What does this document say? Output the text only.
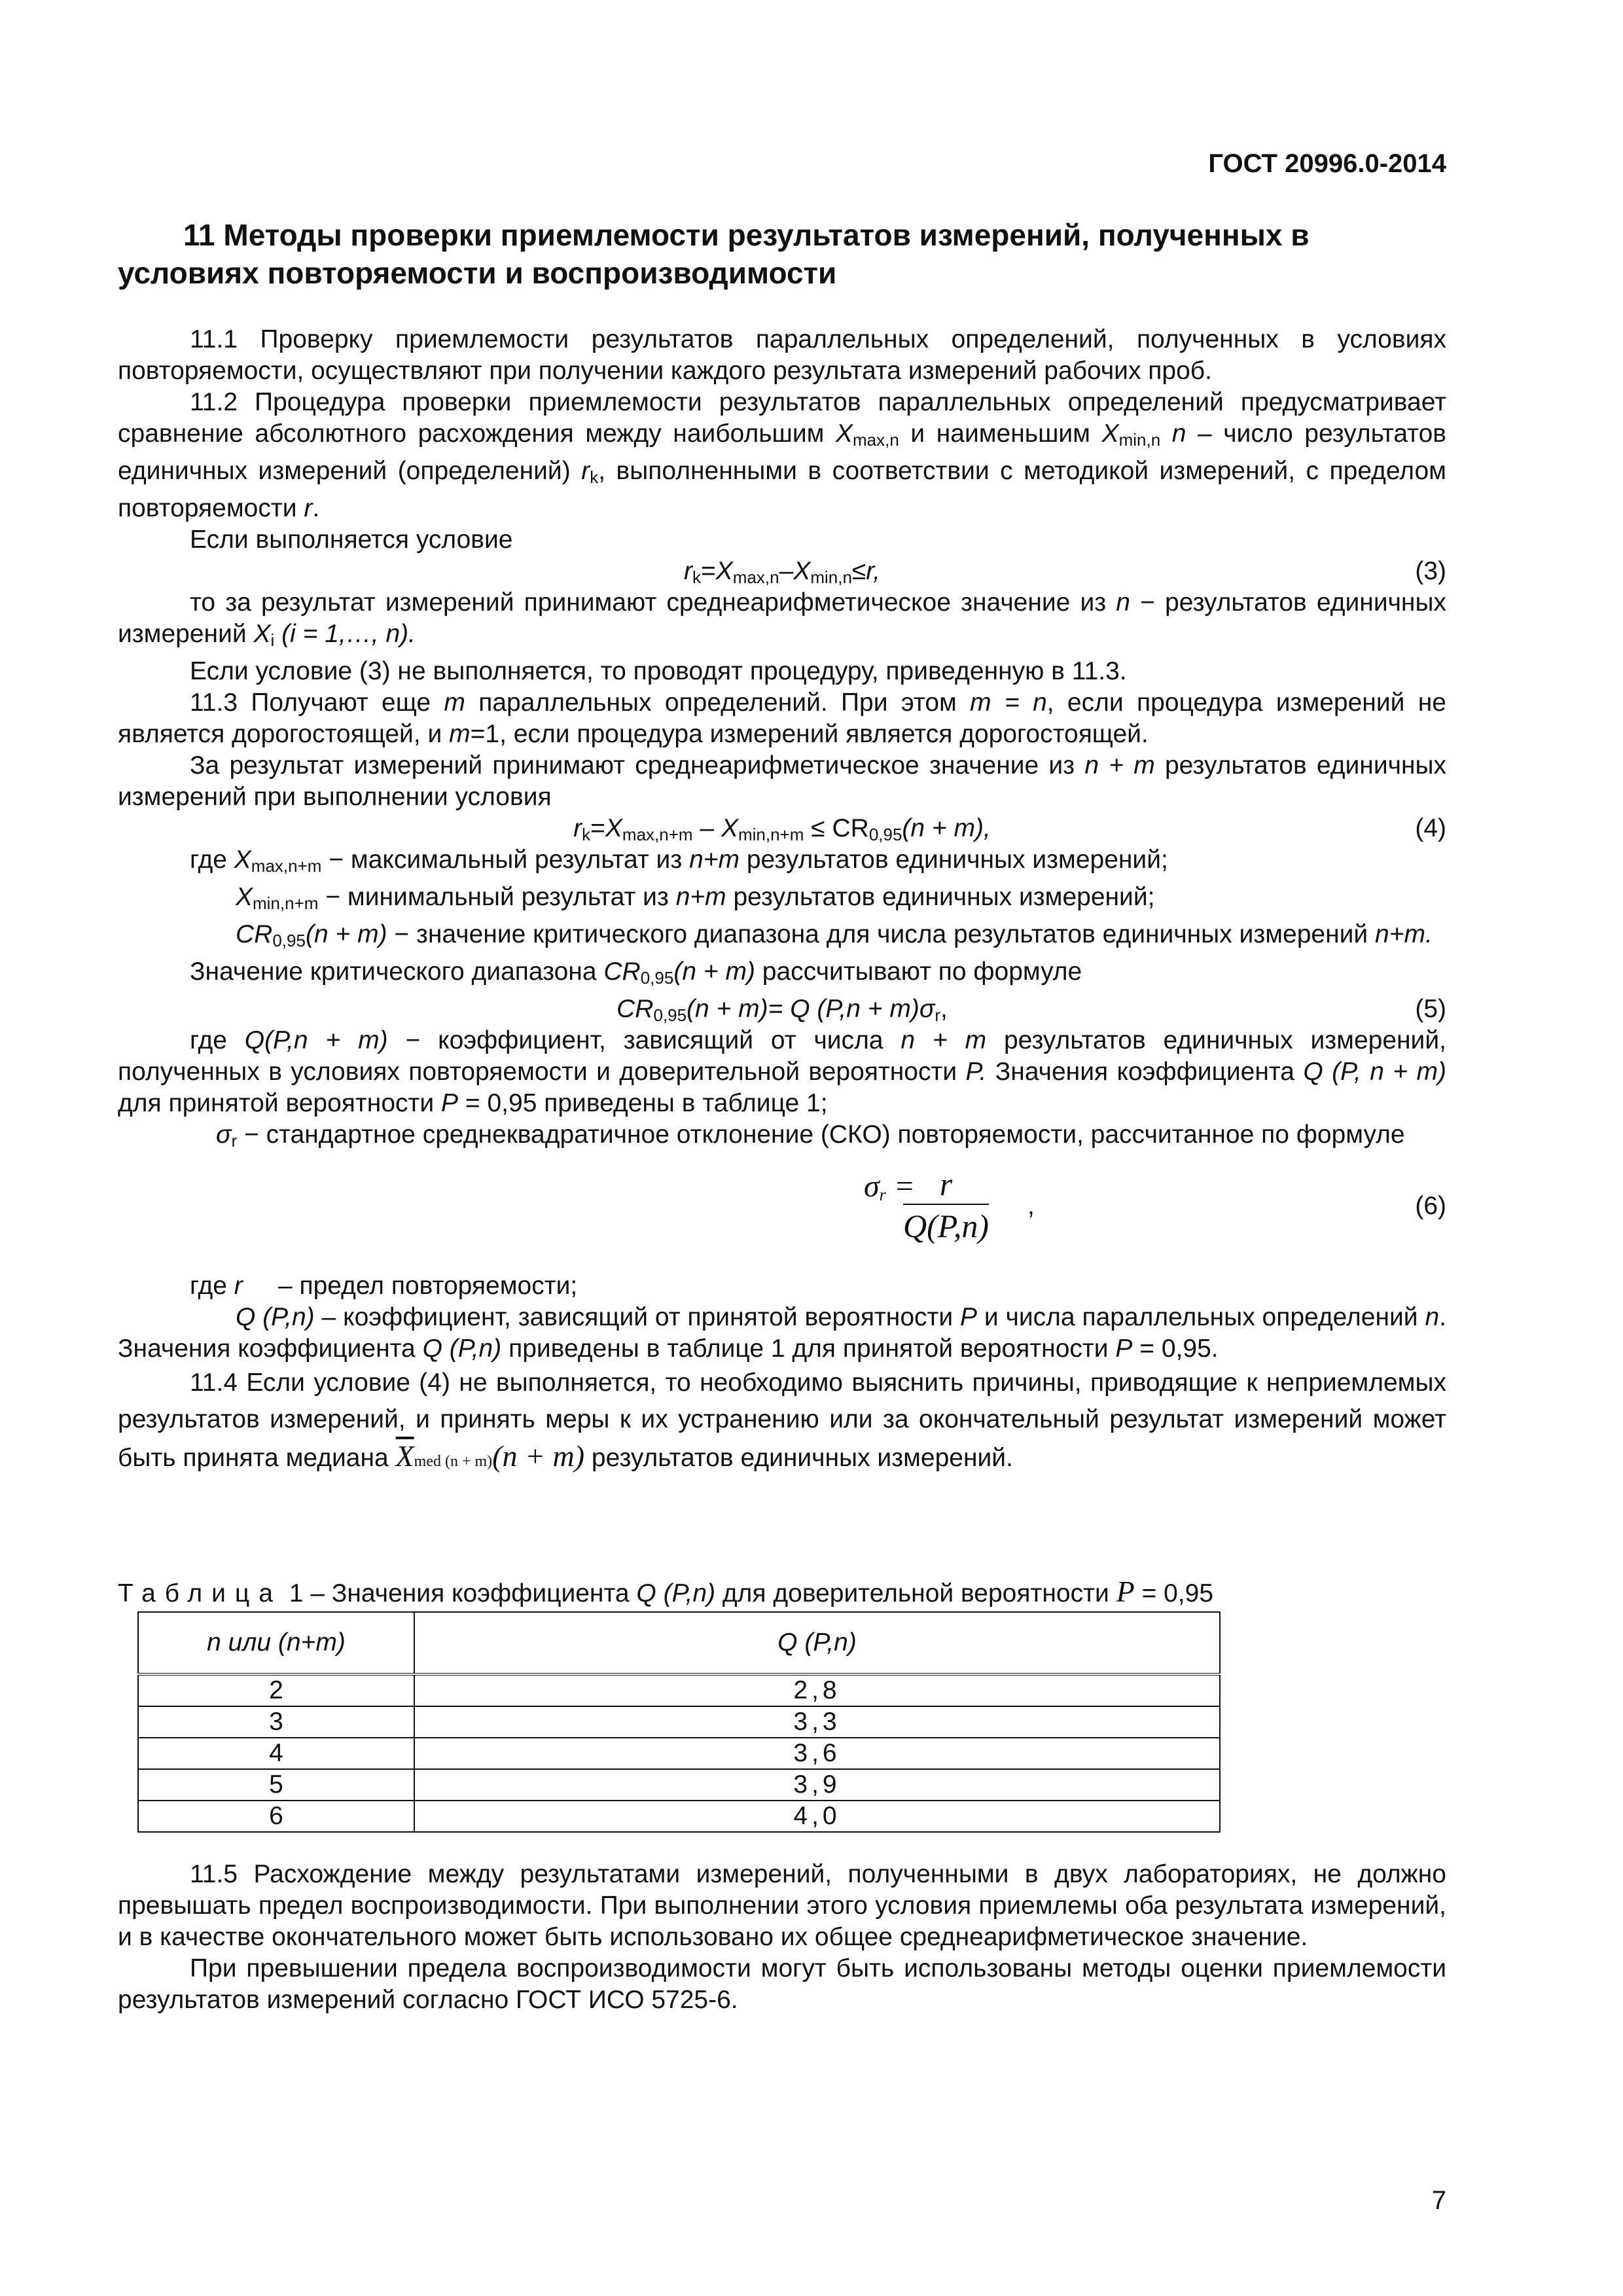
ГОСТ 20996.0-2014
11 Методы проверки приемлемости результатов измерений, полученных в условиях повторяемости и воспроизводимости

11.1 Проверку приемлемости результатов параллельных определений, полученных в условиях повторяемости, осуществляют при получении каждого результата измерений рабочих проб.

11.2 Процедура проверки приемлемости результатов параллельных определений предусматривает сравнение абсолютного расхождения между наибольшим $X_{max,n}$ и наименьшим $X_{min,n}$ n – число результатов единичных измерений (определений) $r_k$, выполненными в соответствии с методикой измерений, с пределом повторяемости r.

Если выполняется условие

$r_k=X_{max,n}-X_{min,n}\le r$,	(3)

то за результат измерений принимают среднеарифметическое значение из n − результатов единичных измерений $X_i$ (i = 1,…, n).

Если условие (3) не выполняется, то проводят процедуру, приведенную в 11.3.

11.3 Получают еще m параллельных определений. При этом m = n, если процедура измерений не является дорогостоящей, и m=1, если процедура измерений является дорогостоящей.

За результат измерений принимают среднеарифметическое значение из n + m результатов единичных измерений при выполнении условия

$r_k=X_{max,n+m} - X_{min,n+m} \le CR_{0,95}(n + m)$,	(4)

где $X_{max,n+m}$ − максимальный результат из n+m результатов единичных измерений;

$X_{min,n+m}$ − минимальный результат из n+m результатов единичных измерений;

$CR_{0,95}(n + m)$ − значение критического диапазона для числа результатов единичных измерений n+m.

Значение критического диапазона $CR_{0,95}(n + m)$ рассчитывают по формуле

$CR_{0,95}(n + m)= Q$ $(P,n + m)\sigma_r$,	(5)

где Q(P,n + m) − коэффициент, зависящий от числа n + m результатов единичных измерений, полученных в условиях повторяемости и доверительной вероятности P. Значения коэффициента Q (P, n + m) для принятой вероятности P = 0,95 приведены в таблице 1;

$\sigma_r$ − стандартное среднеквадратичное отклонение (СКО) повторяемости, рассчитанное по формуле

$\sigma_r$ =
$\frac{r}{Q(P,n)}$ ,	(6)

где r – предел повторяемости;

Q (P,n) – коэффициент, зависящий от принятой вероятности P и числа параллельных определений n. Значения коэффициента Q (P,n) приведены в таблице 1 для принятой вероятности P = 0,95.

11.4 Если условие (4) не выполняется, то необходимо выяснить причины, приводящие к неприемлемых результатов измерений, и принять меры к их устранению или за окончательный результат измерений может быть принята медиана $\overline{X}med$ (n + m)(n + m) результатов единичных измерений.

Таблица 1 – Значения коэффициента Q (P,n) для доверительной вероятности P = 0,95
n или (n+m)	Q (P,n)
2	2,8
3	3,3
4	3,6
5	3,9
6	4,0

11.5 Расхождение между результатами измерений, полученными в двух лабораториях, не должно превышать предел воспроизводимости. При выполнении этого условия приемлемы оба результата измерений, и в качестве окончательного может быть использовано их общее среднеарифметическое значение.

При превышении предела воспроизводимости могут быть использованы методы оценки приемлемости результатов измерений согласно ГОСТ ИСО 5725-6.

7
